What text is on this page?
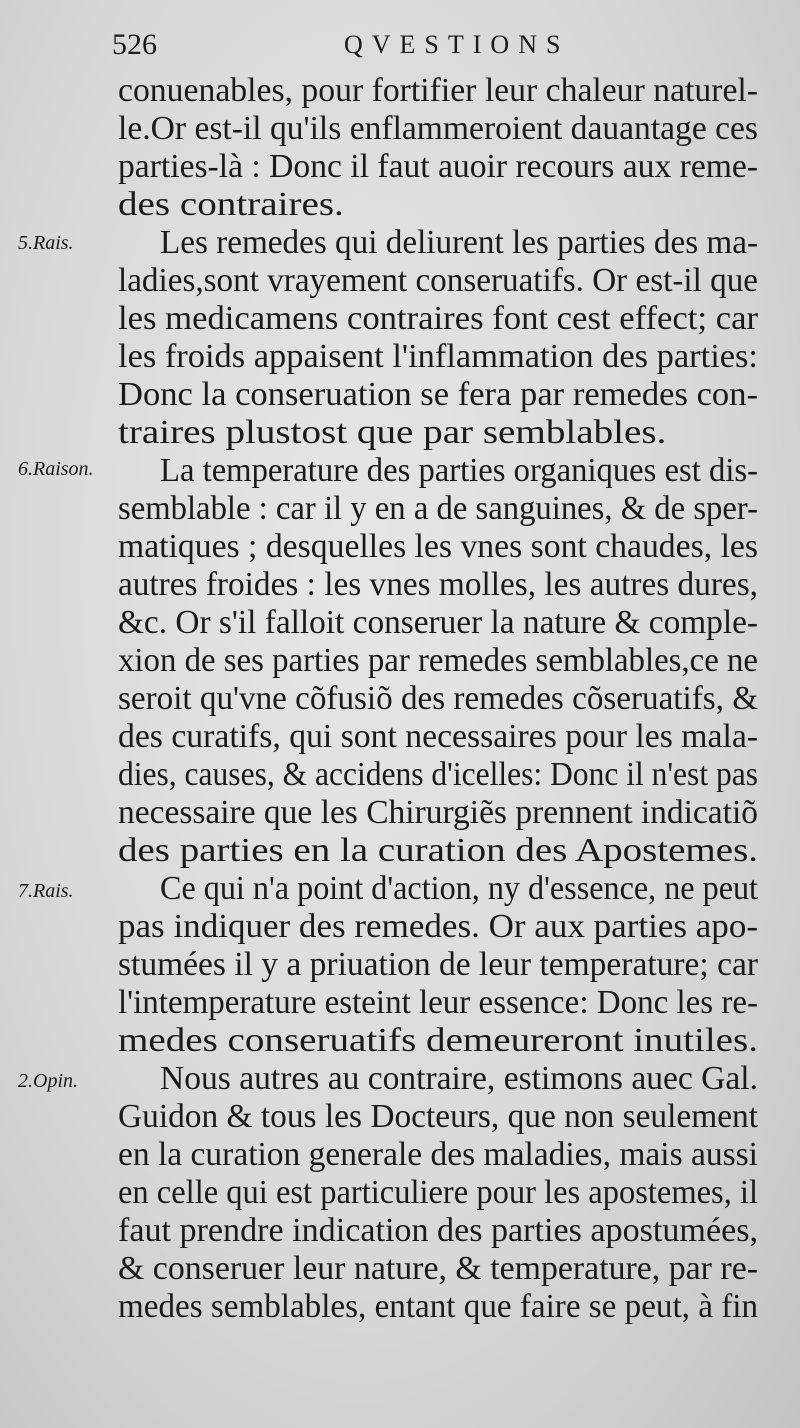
526	QVESTIONS
5.Rais.
6.Raison.
7.Rais.
2.Opin.
conuenables, pour fortifier leur chaleur naturel-
le.Or est-il qu'ils enflammeroient dauantage ces
parties-là : Donc il faut auoir recours aux reme-
des contraires.
Les remedes qui deliurent les parties des ma-
ladies,sont vrayement conseruatifs. Or est-il que
les medicamens contraires font cest effect; car
les froids appaisent l'inflammation des parties:
Donc la conseruation se fera par remedes con-
traires plustost que par semblables.
La temperature des parties organiques est dis-
semblable : car il y en a de sanguines, & de sper-
matiques ; desquelles les vnes sont chaudes, les
autres froides : les vnes molles, les autres dures,
&c. Or s'il falloit conseruer la nature & comple-
xion de ses parties par remedes semblables,ce ne
seroit qu'vne cõfusiõ des remedes cõseruatifs, &
des curatifs, qui sont necessaires pour les mala-
dies, causes, & accidens d'icelles: Donc il n'est pas
necessaire que les Chirurgiẽs prennent indicatiõ
des parties en la curation des Apostemes.
Ce qui n'a point d'action, ny d'essence, ne peut
pas indiquer des remedes. Or aux parties apo-
stumées il y a priuation de leur temperature; car
l'intemperature esteint leur essence: Donc les re-
medes conseruatifs demeureront inutiles.
Nous autres au contraire, estimons auec Gal.
Guidon & tous les Docteurs, que non seulement
en la curation generale des maladies, mais aussi
en celle qui est particuliere pour les apostemes, il
faut prendre indication des parties apostumées,
& conseruer leur nature, & temperature, par re-
medes semblables, entant que faire se peut, à fin
